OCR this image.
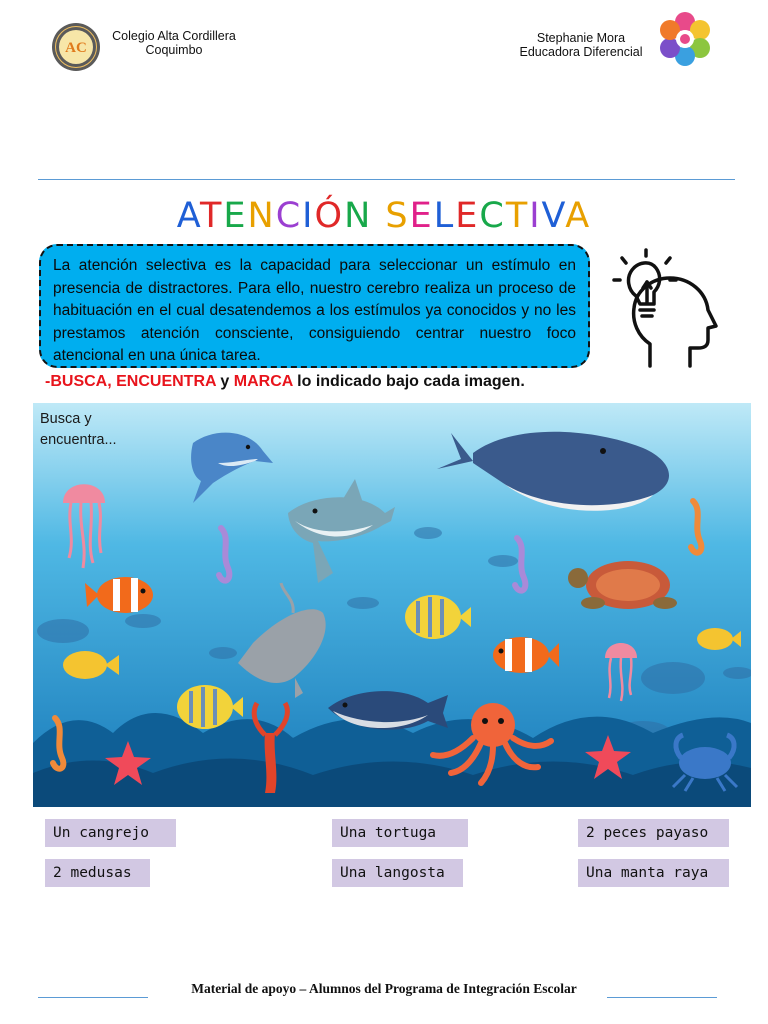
AC
Colegio Alta Cordillera
Coquimbo
Stephanie Mora
Educadora Diferencial
ATENCIÓN SELECTIVA
La atención selectiva es la capacidad para seleccionar un estímulo en presencia de distractores. Para ello, nuestro cerebro realiza un proceso de habituación en el cual desatendemos a los estímulos ya conocidos y no les prestamos atención consciente, consiguiendo centrar nuestro foco atencional en una única tarea.
-BUSCA, ENCUENTRA y MARCA lo indicado bajo cada imagen.
Busca y encuentra...
Un cangrejo
2 medusas
Una tortuga
Una langosta
2 peces payaso
Una manta raya
Material de apoyo – Alumnos del Programa de Integración Escolar
